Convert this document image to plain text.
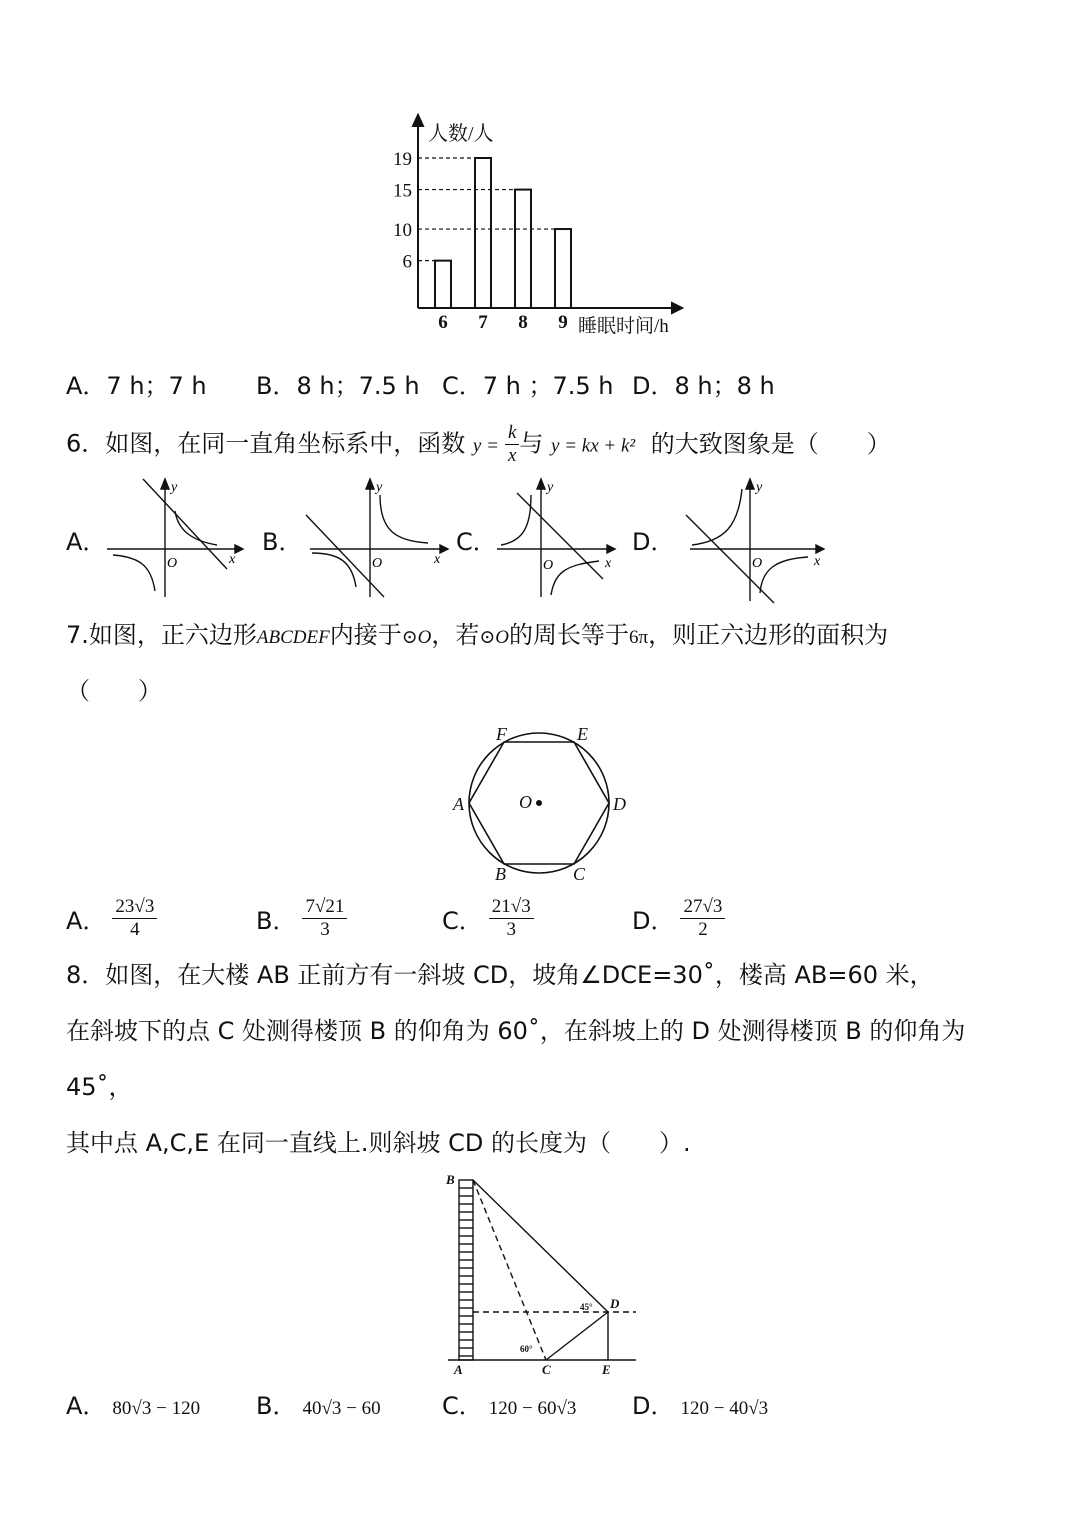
人数/人
睡眠时间/h
6
6
7
19
8
15
9
10
A．7 h；7 h B．8 h；7.5 h C．7 h ；7.5 h D．8 h；8 h
6．如图，在同一直角坐标系中，函数 $y = \frac{k}{x}$ 与 y = kx + k² 的大致图象是（　　）
A．	B．	C．	D．
y
x
O
y
x
O
y
x
O
y
x
O
7.如图，正六边形ABCDEF内接于⊙O，若⊙O的周长等于6π，则正六边形的面积为
（　　）
F	E
A	D
B	C
O
A． $\frac{23√3}{4}$	B． $\frac{7√21}{3}$	C． $\frac{21√3}{3}$	D． $\frac{27√3}{2}$
8．如图，在大楼 AB 正前方有一斜坡 CD，坡角∠DCE=30˚，楼高 AB=60 米，
在斜坡下的点 C 处测得楼顶 B 的仰角为 60˚，在斜坡上的 D 处测得楼顶 B 的仰角为
45˚，
其中点 A,C,E 在同一直线上.则斜坡 CD 的长度为（　　）.
B
D
A	C	E
45°
60°
A． 80√3 − 120 B． 40√3 − 60	C． 120 − 60√3 D． 120 − 40√3
